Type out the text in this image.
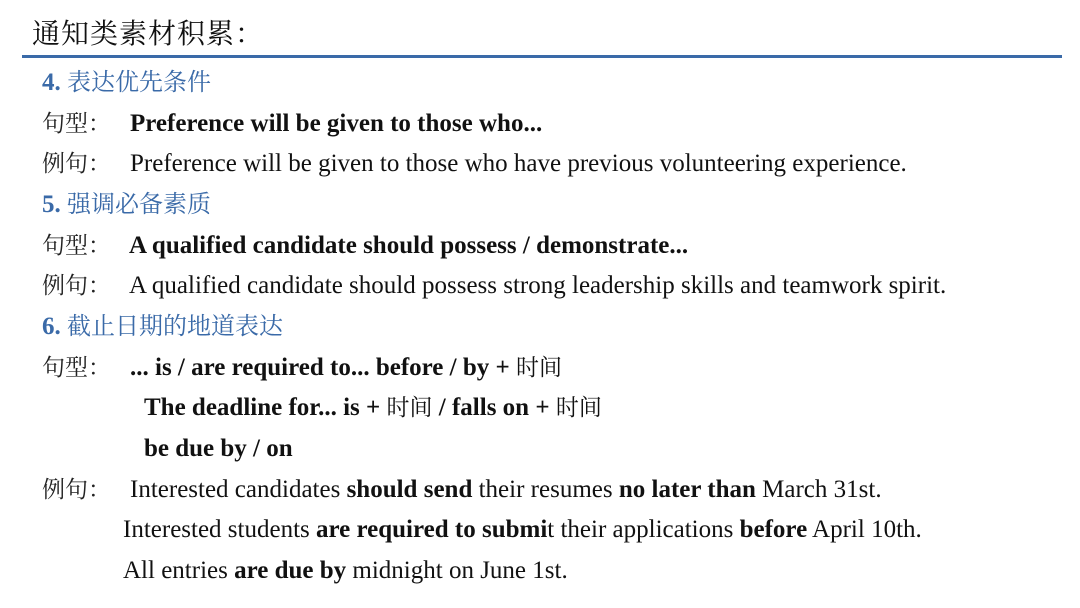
通知类素材积累：
4. 表达优先条件
句型： Preference will be given to those who...
例句： Preference will be given to those who have previous volunteering experience.
5. 强调必备素质
句型： A qualified candidate should possess / demonstrate...
例句： A qualified candidate should possess strong leadership skills and teamwork spirit.
6. 截止日期的地道表达
句型： ... is / are required to... before / by + 时间
The deadline for... is + 时间 / falls on + 时间
be due by / on
例句： Interested candidates should send their resumes no later than March 31st.
Interested students are required to submit their applications before April 10th.
All entries are due by midnight on June 1st.
